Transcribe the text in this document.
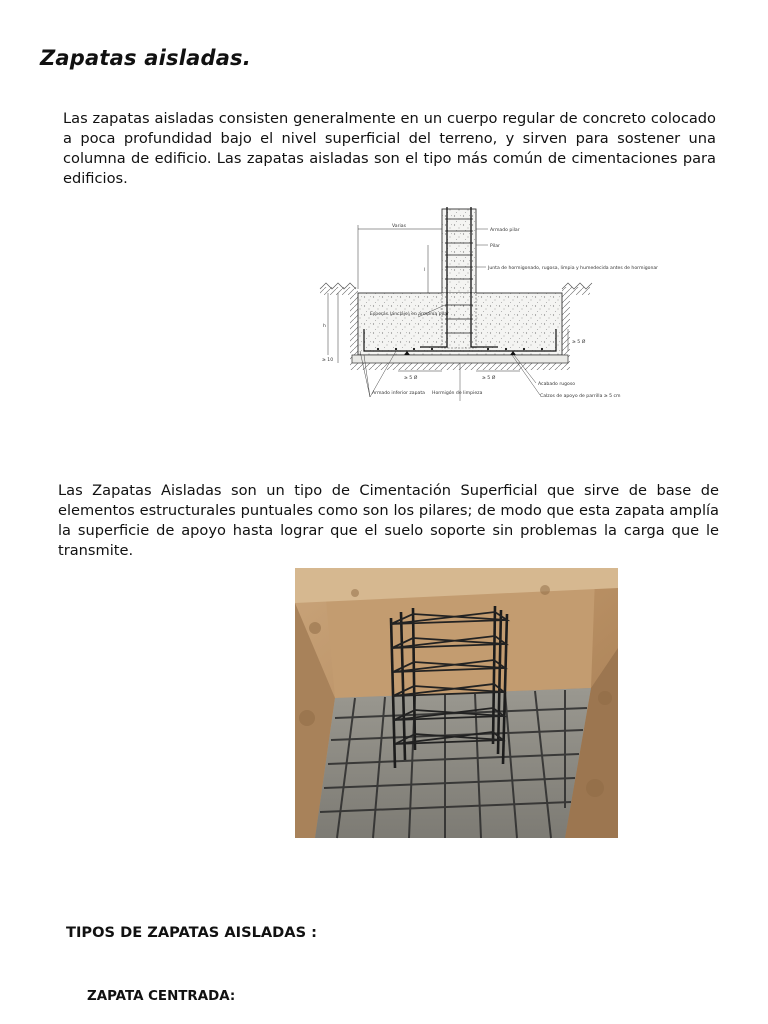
Zapatas aisladas.

Las zapatas aisladas consisten generalmente en un cuerpo regular de concreto colocado a poca profundidad bajo el nivel superficial del terreno, y sirven para sostener una columna de edificio. Las zapatas aisladas son el tipo más común de cimentaciones para edificios.

Varias
Armado pilar
Pilar
Junta de hormigonado, rugosa, limpia y humedecida antes de hormigonar
Esperas (anclaje) en armonía pilar
Armado inferior zapata Hormigón de limpieza
Acabado rugoso
Calzos de apoyo de parrilla ≥ 5 cm
≥ 5 Ø	≥ 5 Ø
≥ 5 Ø
h
l
≥ 10

Las Zapatas Aisladas son un tipo de Cimentación Superficial que sirve de base de elementos estructurales puntuales como son los pilares; de modo que esta zapata amplía la superficie de apoyo hasta lograr que el suelo soporte sin problemas la carga que le transmite.

TIPOS DE ZAPATAS AISLADAS :
ZAPATA CENTRADA:
